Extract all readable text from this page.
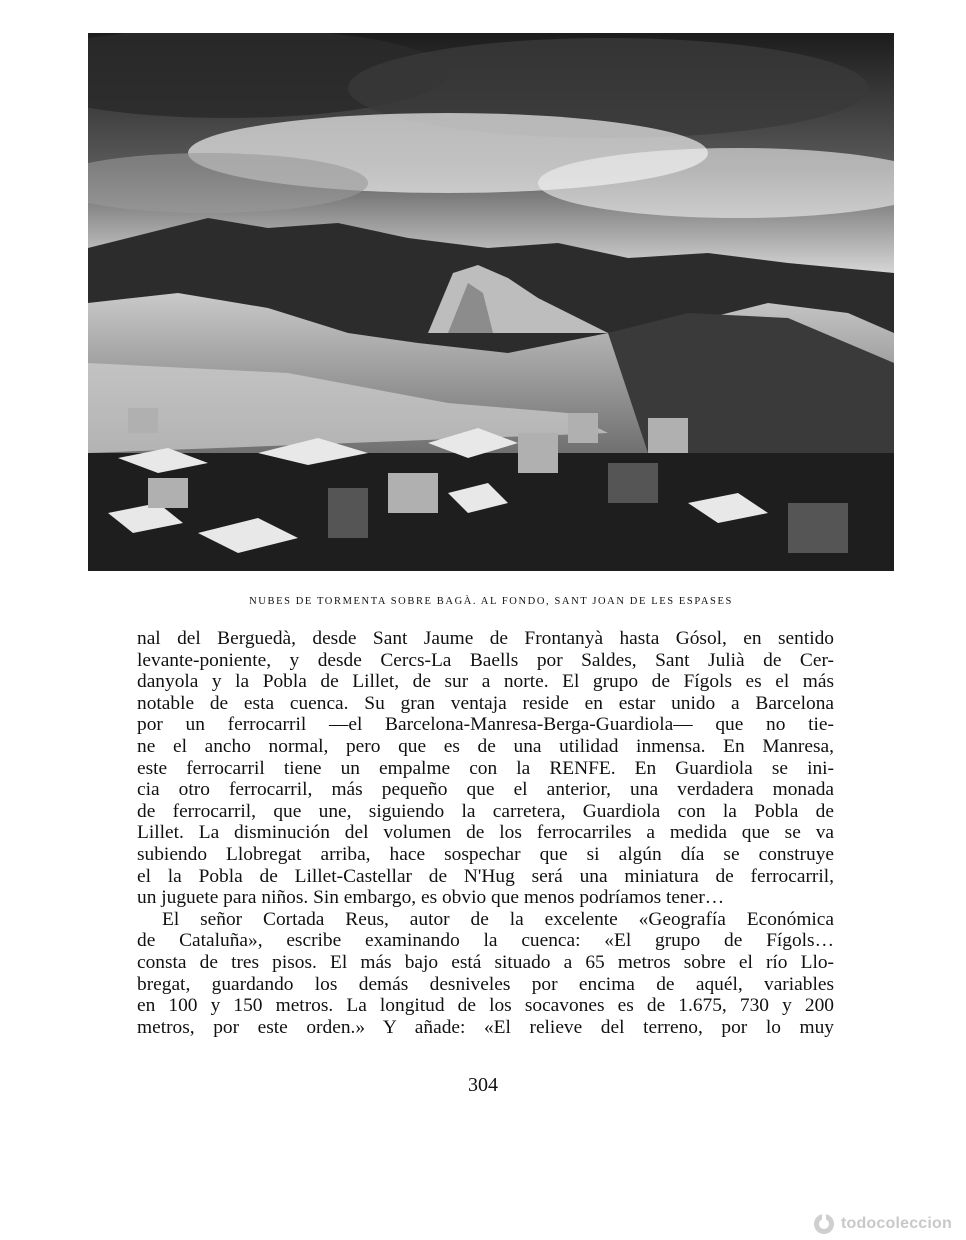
NUBES DE TORMENTA SOBRE BAGÀ. AL FONDO, SANT JOAN DE LES ESPASES
nal del Berguedà, desde Sant Jaume de Frontanyà hasta Gósol, en sentido
levante-poniente, y desde Cercs-La Baells por Saldes, Sant Julià de Cer-
danyola y la Pobla de Lillet, de sur a norte. El grupo de Fígols es el más
notable de esta cuenca. Su gran ventaja reside en estar unido a Barcelona
por un ferrocarril —el Barcelona-Manresa-Berga-Guardiola— que no tie-
ne el ancho normal, pero que es de una utilidad inmensa. En Manresa,
este ferrocarril tiene un empalme con la RENFE. En Guardiola se ini-
cia otro ferrocarril, más pequeño que el anterior, una verdadera monada
de ferrocarril, que une, siguiendo la carretera, Guardiola con la Pobla de
Lillet. La disminución del volumen de los ferrocarriles a medida que se va
subiendo Llobregat arriba, hace sospechar que si algún día se construye
el la Pobla de Lillet-Castellar de N'Hug será una miniatura de ferrocarril,
un juguete para niños. Sin embargo, es obvio que menos podríamos tener…
El señor Cortada Reus, autor de la excelente «Geografía Económica
de Cataluña», escribe examinando la cuenca: «El grupo de Fígols…
consta de tres pisos. El más bajo está situado a 65 metros sobre el río Llo-
bregat, guardando los demás desniveles por encima de aquél, variables
en 100 y 150 metros. La longitud de los socavones es de 1.675, 730 y 200
metros, por este orden.» Y añade: «El relieve del terreno, por lo muy
304
todocoleccion
